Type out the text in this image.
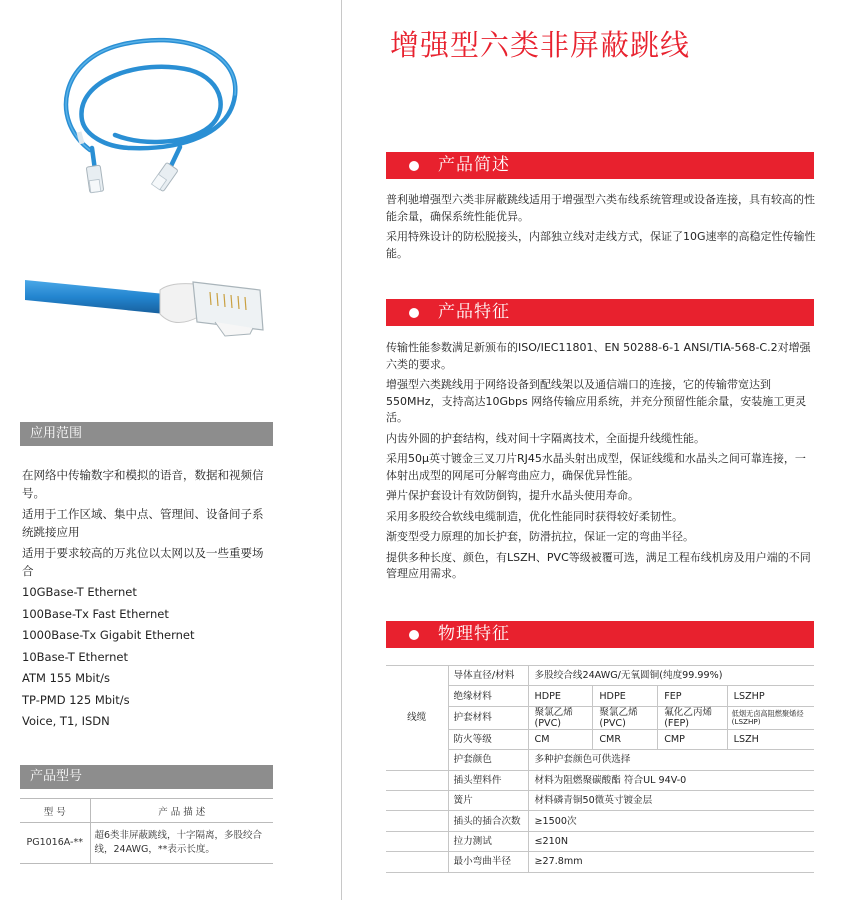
应用范围
在网络中传输数字和模拟的语音，数据和视频信号。
适用于工作区域、集中点、管理间、设备间子系统跳接应用
适用于要求较高的万兆位以太网以及一些重要场合
10GBase-T Ethernet
100Base-Tx Fast Ethernet
1000Base-Tx Gigabit Ethernet
10Base-T Ethernet
ATM 155 Mbit/s
TP-PMD 125 Mbit/s
Voice, T1, ISDN
产品型号
型 号	产 品 描 述
PG1016A-**	超6类非屏蔽跳线，十字隔离，多股绞合线，24AWG，**表示长度。
增强型六类非屏蔽跳线
产品简述

普利驰增强型六类非屏蔽跳线适用于增强型六类布线系统管理或设备连接，具有较高的性能余量，确保系统性能优异。

采用特殊设计的防松脱接头，内部独立线对走线方式，保证了10G速率的高稳定性传输性能。

产品特征

传输性能参数满足新颁布的ISO/IEC11801、EN 50288-6-1 ANSI/TIA-568-C.2对增强六类的要求。

增强型六类跳线用于网络设备到配线架以及通信端口的连接，它的传输带宽达到550MHz，支持高达10Gbps 网络传输应用系统，并充分预留性能余量，安装施工更灵活。

内齿外圆的护套结构，线对间十字隔离技术，全面提升线缆性能。

采用50μ英寸镀金三叉刀片RJ45水晶头射出成型，保证线缆和水晶头之间可靠连接，一体射出成型的网尾可分解弯曲应力，确保优异性能。

弹片保护套设计有效防倒钩，提升水晶头使用寿命。

采用多股绞合软线电缆制造，优化性能同时获得较好柔韧性。

渐变型受力原理的加长护套，防滑抗拉，保证一定的弯曲半径。

提供多种长度、颜色，有LSZH、PVC等级被覆可选，满足工程布线机房及用户端的不同管理应用需求。

物理特征
线缆	导体直径/材料	多股绞合线24AWG/无氧圆铜(纯度99.99%)			
	绝缘材料	HDPE	HDPE	FEP	LSZHP
	护套材料	聚氯乙烯(PVC)	聚氯乙烯(PVC)	氟化乙丙烯(FEP)	低烟无卤高阻燃聚烯烃(LSZHP)
	防火等级	CM	CMR	CMP	LSZH
	护套颜色	多种护套颜色可供选择			
	插头塑料件	材料为阻燃聚碳酸酯 符合UL 94V-0			
	簧片	材料磷青铜50微英寸镀金层			
	插头的插合次数	≥1500次			
	拉力测试	≤210N			
	最小弯曲半径	≥27.8mm			
